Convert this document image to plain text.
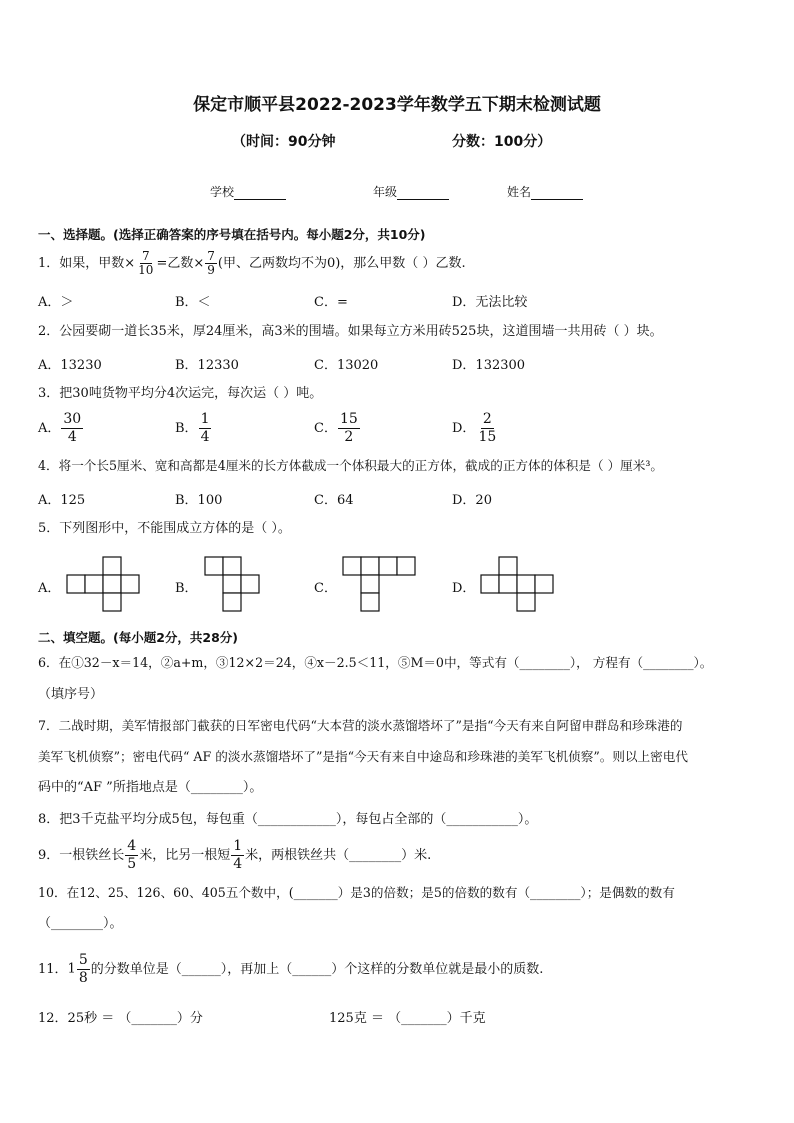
保定市顺平县2022-2023学年数学五下期末检测试题
（时间：90分钟	分数：100分）
学校	年级	姓名
一、选择题。(选择正确答案的序号填在括号内。每小题2分，共10分)
1．如果，甲数× $\frac{7}{10}$ =乙数× $\frac{7}{9}$ (甲、乙两数均不为0)，那么甲数（ ）乙数.
A．＞	B．＜	C．=	D．无法比较
2．公园要砌一道长35米，厚24厘米，高3米的围墙。如果每立方米用砖525块，这道围墙一共用砖（ ）块。
A．13230	B．12330	C．13020	D．132300
3．把30吨货物平均分4次运完，每次运（ ）吨。
A． $\frac{30}{4}$	B． $\frac{1}{4}$	C． $\frac{15}{2}$	D． $\frac{2}{15}$
4．将一个长5厘米、宽和高都是4厘米的长方体截成一个体积最大的正方体，截成的正方体的体积是（ ）厘米³。
A．125	B．100	C．64	D．20
5．下列图形中，不能围成立方体的是（ ）。
A．	B．	C．	D．
二、填空题。(每小题2分，共28分)
6．在①32－x＝14，②a+m，③12×2＝24，④x－2.5＜11，⑤M＝0中，等式有（________）， 方程有（________）。
（填序号）
7．二战时期，美军情报部门截获的日军密电代码“大本营的淡水蒸馏塔坏了”是指“今天有来自阿留申群岛和珍珠港的
美军飞机侦察”；密电代码“ AF 的淡水蒸馏塔坏了”是指“今天有来自中途岛和珍珠港的美军飞机侦察”。则以上密电代
码中的“AF ”所指地点是（________）。
8．把3千克盐平均分成5包，每包重（____________），每包占全部的（___________）。
9．一根铁丝长 $\frac{4}{5}$ 米，比另一根短 $\frac{1}{4}$ 米，两根铁丝共（________）米.
10．在12、25、126、60、405五个数中，(_______）是3的倍数；是5的倍数的数有（________）；是偶数的数有
（________）。
11．$1 \frac{5}{8}$ 的分数单位是（______），再加上（______）个这样的分数单位就是最小的质数.
12．25秒 ＝ （_______）分	125克 ＝ （_______）千克
